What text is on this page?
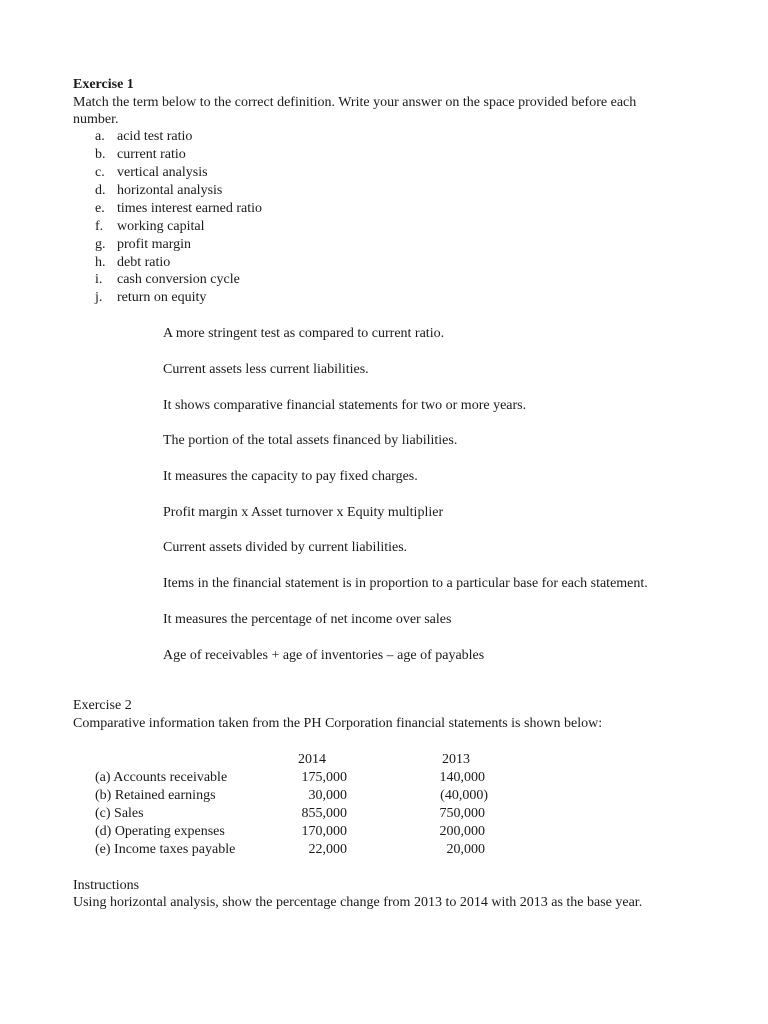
Exercise 1
Match the term below to the correct definition. Write your answer on the space provided before each
number.
a. acid test ratio
b. current ratio
c. vertical analysis
d. horizontal analysis
e. times interest earned ratio
f. working capital
g. profit margin
h. debt ratio
i.	cash conversion cycle
j.	return on equity
A more stringent test as compared to current ratio.
Current assets less current liabilities.
It shows comparative financial statements for two or more years.
The portion of the total assets financed by liabilities.
It measures the capacity to pay fixed charges.
Profit margin x Asset turnover x Equity multiplier
Current assets divided by current liabilities.
Items in the financial statement is in proportion to a particular base for each statement.
It measures the percentage of net income over sales
Age of receivables + age of inventories – age of payables
Exercise 2
Comparative information taken from the PH Corporation financial statements is shown below:
2014	2013
(a) Accounts receivable	175,000	140,000
(b) Retained earnings	30,000	(40,000)
(c) Sales	855,000	750,000
(d) Operating expenses	170,000	200,000
(e) Income taxes payable	22,000	20,000
Instructions
Using horizontal analysis, show the percentage change from 2013 to 2014 with 2013 as the base year.
